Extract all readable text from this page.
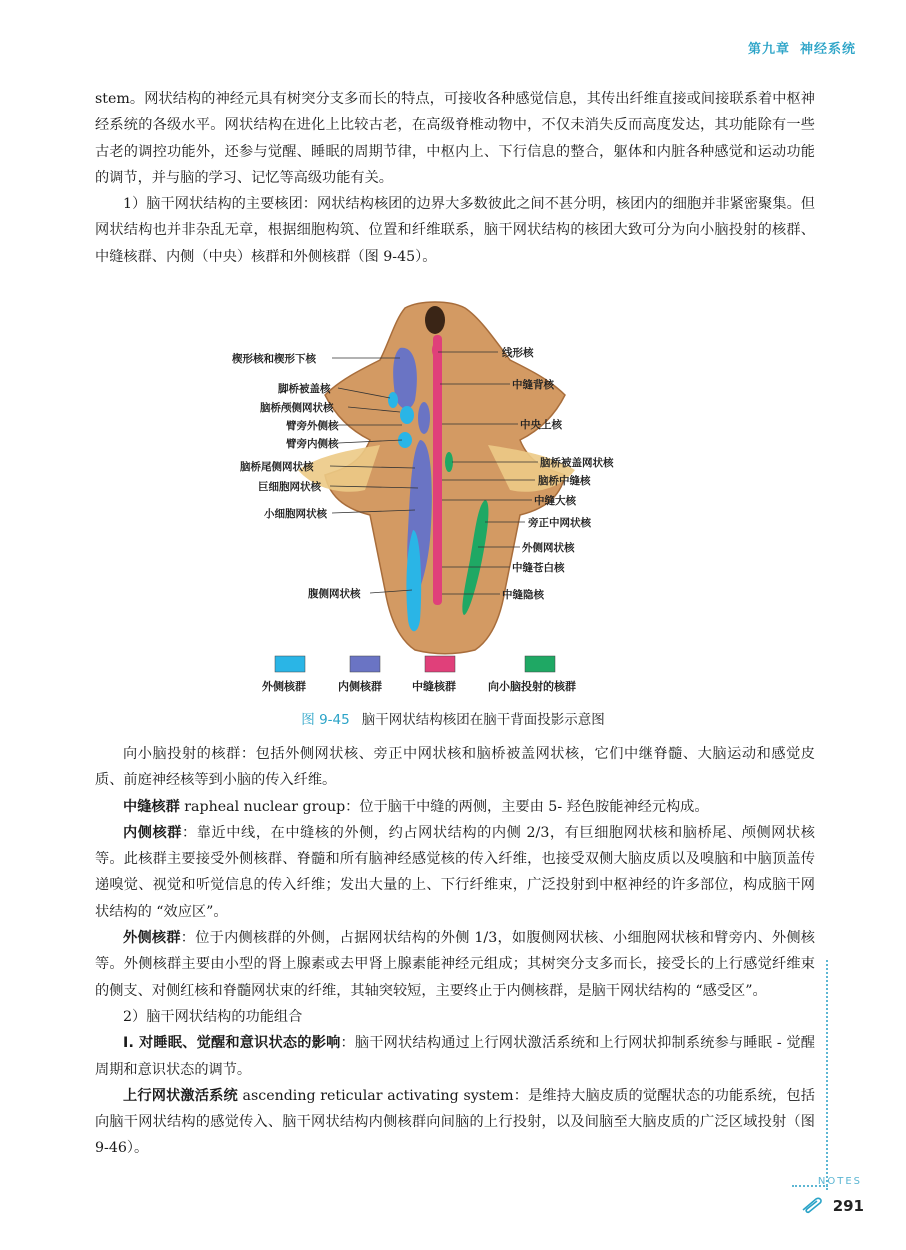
第九章 神经系统

stem。网状结构的神经元具有树突分支多而长的特点，可接收各种感觉信息，其传出纤维直接或间接联系着中枢神经系统的各级水平。网状结构在进化上比较古老，在高级脊椎动物中，不仅未消失反而高度发达，其功能除有一些古老的调控功能外，还参与觉醒、睡眠的周期节律，中枢内上、下行信息的整合，躯体和内脏各种感觉和运动功能的调节，并与脑的学习、记忆等高级功能有关。

1）脑干网状结构的主要核团：网状结构核团的边界大多数彼此之间不甚分明，核团内的细胞并非紧密聚集。但网状结构也并非杂乱无章，根据细胞构筑、位置和纤维联系，脑干网状结构的核团大致可分为向小脑投射的核群、中缝核群、内侧（中央）核群和外侧核群（图 9-45）。

楔形核和楔形下核
脚桥被盖核
脑桥颅侧网状核
臂旁外侧核
臂旁内侧核
脑桥尾侧网状核
巨细胞网状核
小细胞网状核
腹侧网状核
线形核
中缝背核
中央上核
脑桥被盖网状核
脑桥中缝核
中缝大核
旁正中网状核
外侧网状核
中缝苍白核
中缝隐核
外侧核群	内侧核群	中缝核群	向小脑投射的核群
图 9-45 脑干网状结构核团在脑干背面投影示意图

向小脑投射的核群：包括外侧网状核、旁正中网状核和脑桥被盖网状核，它们中继脊髓、大脑运动和感觉皮质、前庭神经核等到小脑的传入纤维。

中缝核群 raphеal nuclear group：位于脑干中缝的两侧，主要由 5- 羟色胺能神经元构成。

内侧核群：靠近中线，在中缝核的外侧，约占网状结构的内侧 2/3，有巨细胞网状核和脑桥尾、颅侧网状核等。此核群主要接受外侧核群、脊髓和所有脑神经感觉核的传入纤维，也接受双侧大脑皮质以及嗅脑和中脑顶盖传递嗅觉、视觉和听觉信息的传入纤维；发出大量的上、下行纤维束，广泛投射到中枢神经的许多部位，构成脑干网状结构的 “效应区”。

外侧核群：位于内侧核群的外侧，占据网状结构的外侧 1/3，如腹侧网状核、小细胞网状核和臂旁内、外侧核等。外侧核群主要由小型的肾上腺素或去甲肾上腺素能神经元组成；其树突分支多而长，接受长的上行感觉纤维束的侧支、对侧红核和脊髓网状束的纤维，其轴突较短，主要终止于内侧核群，是脑干网状结构的 “感受区”。

2）脑干网状结构的功能组合

Ⅰ. 对睡眠、觉醒和意识状态的影响：脑干网状结构通过上行网状激活系统和上行网状抑制系统参与睡眠 - 觉醒周期和意识状态的调节。

上行网状激活系统 ascending reticular activating system：是维持大脑皮质的觉醒状态的功能系统，包括向脑干网状结构的感觉传入、脑干网状结构内侧核群向间脑的上行投射，以及间脑至大脑皮质的广泛区域投射（图 9-46）。

NOTES
291
